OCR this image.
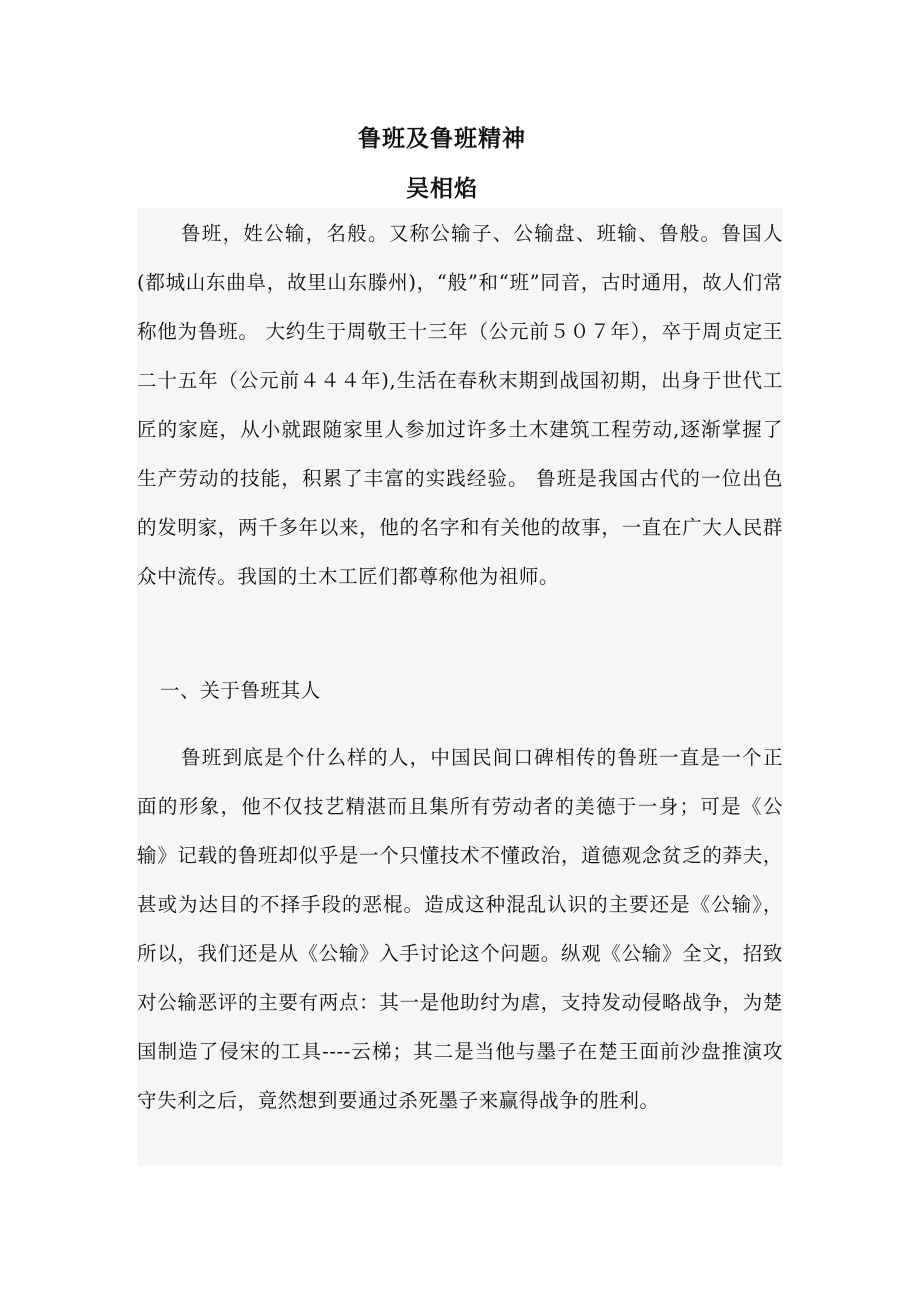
鲁班及鲁班精神
吴相焰

鲁班，姓公输，名般。又称公输子、公输盘、班输、鲁般。鲁国人(都城山东曲阜，故里山东滕州)，“般”和“班”同音，古时通用，故人们常称他为鲁班。 大约生于周敬王十三年（公元前５０７年），卒于周贞定王二十五年（公元前４４４年),生活在春秋末期到战国初期，出身于世代工匠的家庭，从小就跟随家里人参加过许多土木建筑工程劳动,逐渐掌握了生产劳动的技能，积累了丰富的实践经验。 鲁班是我国古代的一位出色的发明家，两千多年以来，他的名字和有关他的故事，一直在广大人民群众中流传。我国的土木工匠们都尊称他为祖师。

一、关于鲁班其人

鲁班到底是个什么样的人，中国民间口碑相传的鲁班一直是一个正面的形象，他不仅技艺精湛而且集所有劳动者的美德于一身；可是《公输》记载的鲁班却似乎是一个只懂技术不懂政治，道德观念贫乏的莽夫，甚或为达目的不择手段的恶棍。造成这种混乱认识的主要还是《公输》，所以，我们还是从《公输》入手讨论这个问题。纵观《公输》全文，招致对公输恶评的主要有两点：其一是他助纣为虐，支持发动侵略战争，为楚国制造了侵宋的工具----云梯；其二是当他与墨子在楚王面前沙盘推演攻守失利之后，竟然想到要通过杀死墨子来赢得战争的胜利。
